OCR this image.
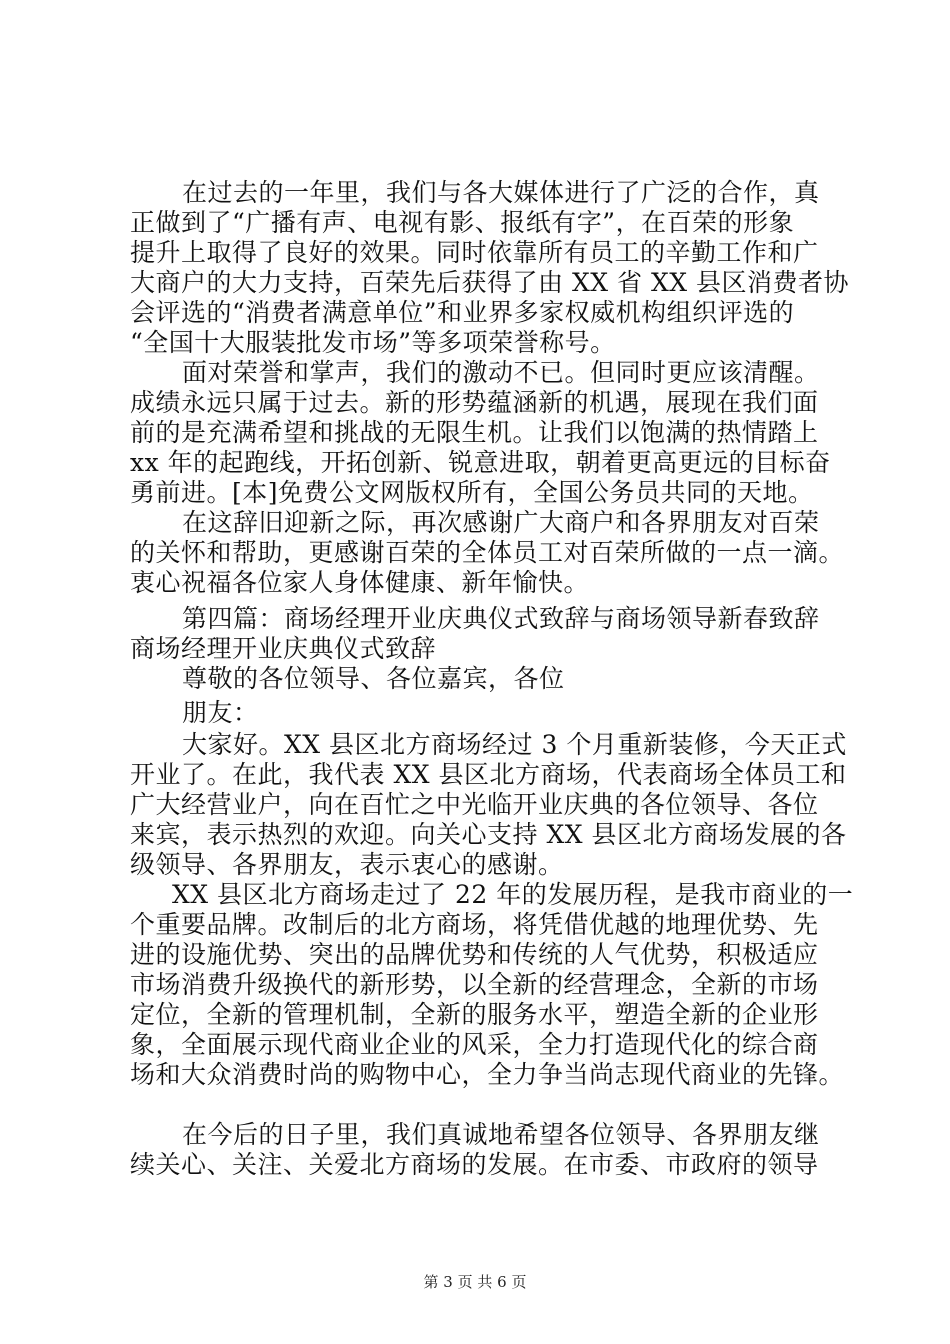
在过去的一年里，我们与各大媒体进行了广泛的合作，真
正做到了“广播有声、电视有影、报纸有字”，在百荣的形象
提升上取得了良好的效果。同时依靠所有员工的辛勤工作和广
大商户的大力支持，百荣先后获得了由 XX 省 XX 县区消费者协
会评选的“消费者满意单位”和业界多家权威机构组织评选的
“全国十大服装批发市场”等多项荣誉称号。
面对荣誉和掌声，我们的激动不已。但同时更应该清醒。
成绩永远只属于过去。新的形势蕴涵新的机遇，展现在我们面
前的是充满希望和挑战的无限生机。让我们以饱满的热情踏上
xx 年的起跑线，开拓创新、锐意进取，朝着更高更远的目标奋
勇前进。[本]免费公文网版权所有，全国公务员共同的天地。
在这辞旧迎新之际，再次感谢广大商户和各界朋友对百荣
的关怀和帮助，更感谢百荣的全体员工对百荣所做的一点一滴。
衷心祝福各位家人身体健康、新年愉快。
第四篇：商场经理开业庆典仪式致辞与商场领导新春致辞
商场经理开业庆典仪式致辞
尊敬的各位领导、各位嘉宾，各位
朋友：
大家好。XX 县区北方商场经过 3 个月重新装修，今天正式
开业了。在此，我代表 XX 县区北方商场，代表商场全体员工和
广大经营业户，向在百忙之中光临开业庆典的各位领导、各位
来宾，表示热烈的欢迎。向关心支持 XX 县区北方商场发展的各
级领导、各界朋友，表示衷心的感谢。
XX 县区北方商场走过了 22 年的发展历程，是我市商业的一
个重要品牌。改制后的北方商场，将凭借优越的地理优势、先
进的设施优势、突出的品牌优势和传统的人气优势，积极适应
市场消费升级换代的新形势，以全新的经营理念，全新的市场
定位，全新的管理机制，全新的服务水平，塑造全新的企业形
象，全面展示现代商业企业的风采，全力打造现代化的综合商
场和大众消费时尚的购物中心，全力争当尚志现代商业的先锋。
在今后的日子里，我们真诚地希望各位领导、各界朋友继
续关心、关注、关爱北方商场的发展。在市委、市政府的领导
第 3 页 共 6 页
